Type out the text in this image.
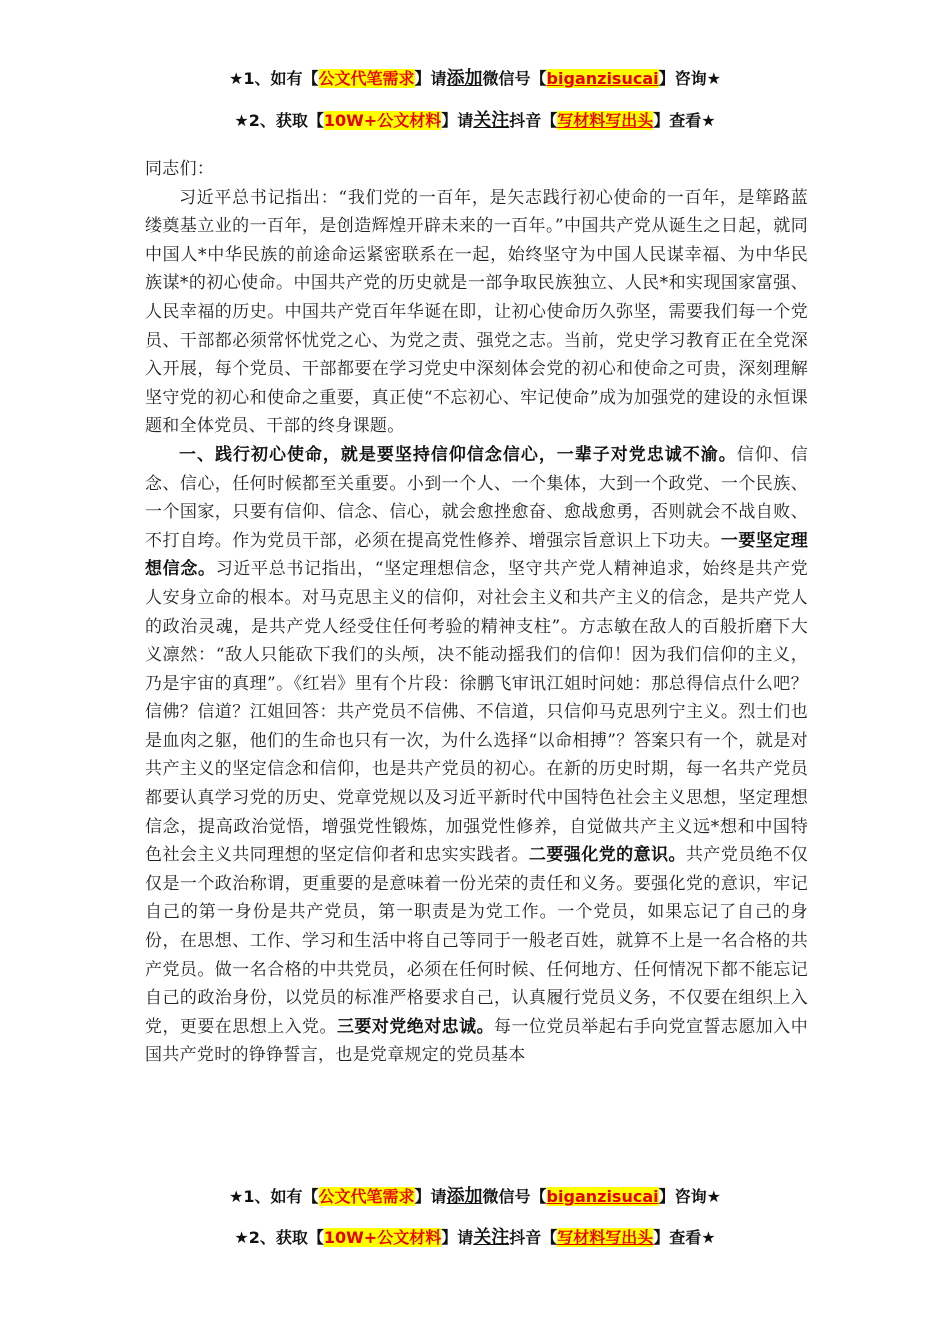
★1、如有【公文代笔需求】请添加微信号【biganzisucai】咨询★
★2、获取【10W+公文材料】请关注抖音【写材料写出头】查看★

同志们：

习近平总书记指出：“我们党的一百年，是矢志践行初心使命的一百年，是筚路蓝缕奠基立业的一百年，是创造辉煌开辟未来的一百年。”中国共产党从诞生之日起，就同中国人*中华民族的前途命运紧密联系在一起，始终坚守为中国人民谋幸福、为中华民族谋*的初心使命。中国共产党的历史就是一部争取民族独立、人民*和实现国家富强、人民幸福的历史。中国共产党百年华诞在即，让初心使命历久弥坚，需要我们每一个党员、干部都必须常怀忧党之心、为党之责、强党之志。当前，党史学习教育正在全党深入开展，每个党员、干部都要在学习党史中深刻体会党的初心和使命之可贵，深刻理解坚守党的初心和使命之重要，真正使“不忘初心、牢记使命”成为加强党的建设的永恒课题和全体党员、干部的终身课题。

一、践行初心使命，就是要坚持信仰信念信心，一辈子对党忠诚不渝。信仰、信念、信心，任何时候都至关重要。小到一个人、一个集体，大到一个政党、一个民族、一个国家，只要有信仰、信念、信心，就会愈挫愈奋、愈战愈勇，否则就会不战自败、不打自垮。作为党员干部，必须在提高党性修养、增强宗旨意识上下功夫。一要坚定理想信念。习近平总书记指出，“坚定理想信念，坚守共产党人精神追求，始终是共产党人安身立命的根本。对马克思主义的信仰，对社会主义和共产主义的信念，是共产党人的政治灵魂，是共产党人经受住任何考验的精神支柱”。方志敏在敌人的百般折磨下大义凛然：“敌人只能砍下我们的头颅，决不能动摇我们的信仰！因为我们信仰的主义，乃是宇宙的真理”。《红岩》里有个片段：徐鹏飞审讯江姐时问她：那总得信点什么吧？信佛？信道？江姐回答：共产党员不信佛、不信道，只信仰马克思列宁主义。烈士们也是血肉之躯，他们的生命也只有一次，为什么选择“以命相搏”？答案只有一个，就是对共产主义的坚定信念和信仰，也是共产党员的初心。在新的历史时期，每一名共产党员都要认真学习党的历史、党章党规以及习近平新时代中国特色社会主义思想，坚定理想信念，提高政治觉悟，增强党性锻炼，加强党性修养，自觉做共产主义远*想和中国特色社会主义共同理想的坚定信仰者和忠实实践者。二要强化党的意识。共产党员绝不仅仅是一个政治称谓，更重要的是意味着一份光荣的责任和义务。要强化党的意识，牢记自己的第一身份是共产党员，第一职责是为党工作。一个党员，如果忘记了自己的身份，在思想、工作、学习和生活中将自己等同于一般老百姓，就算不上是一名合格的共产党员。做一名合格的中共党员，必须在任何时候、任何地方、任何情况下都不能忘记自己的政治身份，以党员的标准严格要求自己，认真履行党员义务，不仅要在组织上入党，更要在思想上入党。三要对党绝对忠诚。每一位党员举起右手向党宣誓志愿加入中国共产党时的铮铮誓言，也是党章规定的党员基本

★1、如有【公文代笔需求】请添加微信号【biganzisucai】咨询★
★2、获取【10W+公文材料】请关注抖音【写材料写出头】查看★
